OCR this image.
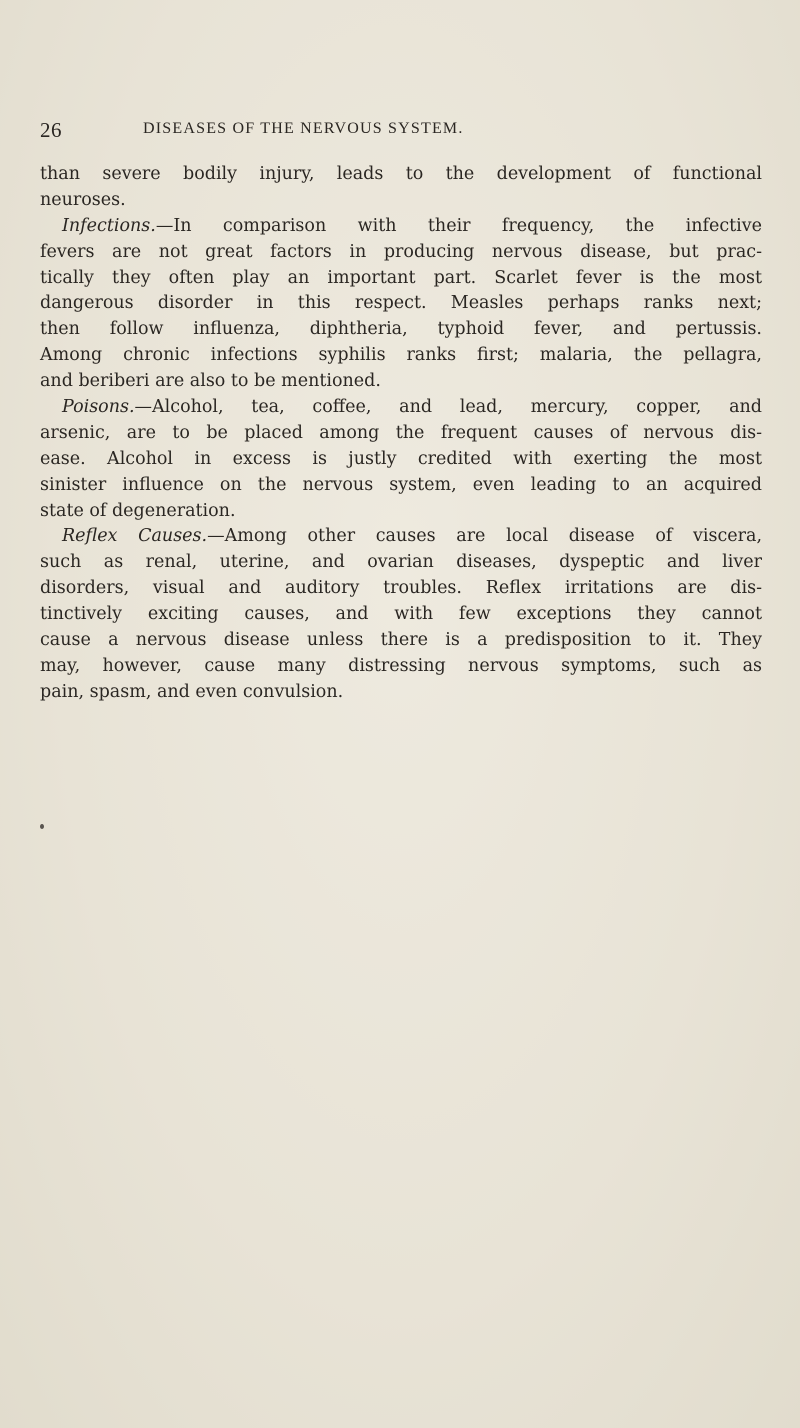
26	DISEASES OF THE NERVOUS SYSTEM.
than severe bodily injury, leads to the development of functional
neuroses.
Infections.—In comparison with their frequency, the infective
fevers are not great factors in producing nervous disease, but prac-
tically they often play an important part. Scarlet fever is the most
dangerous disorder in this respect. Measles perhaps ranks next;
then follow influenza, diphtheria, typhoid fever, and pertussis.
Among chronic infections syphilis ranks first; malaria, the pellagra,
and beriberi are also to be mentioned.
Poisons.—Alcohol, tea, coffee, and lead, mercury, copper, and
arsenic, are to be placed among the frequent causes of nervous dis-
ease. Alcohol in excess is justly credited with exerting the most
sinister influence on the nervous system, even leading to an acquired
state of degeneration.
Reflex Causes.—Among other causes are local disease of viscera,
such as renal, uterine, and ovarian diseases, dyspeptic and liver
disorders, visual and auditory troubles. Reflex irritations are dis-
tinctively exciting causes, and with few exceptions they cannot
cause a nervous disease unless there is a predisposition to it. They
may, however, cause many distressing nervous symptoms, such as
pain, spasm, and even convulsion.
